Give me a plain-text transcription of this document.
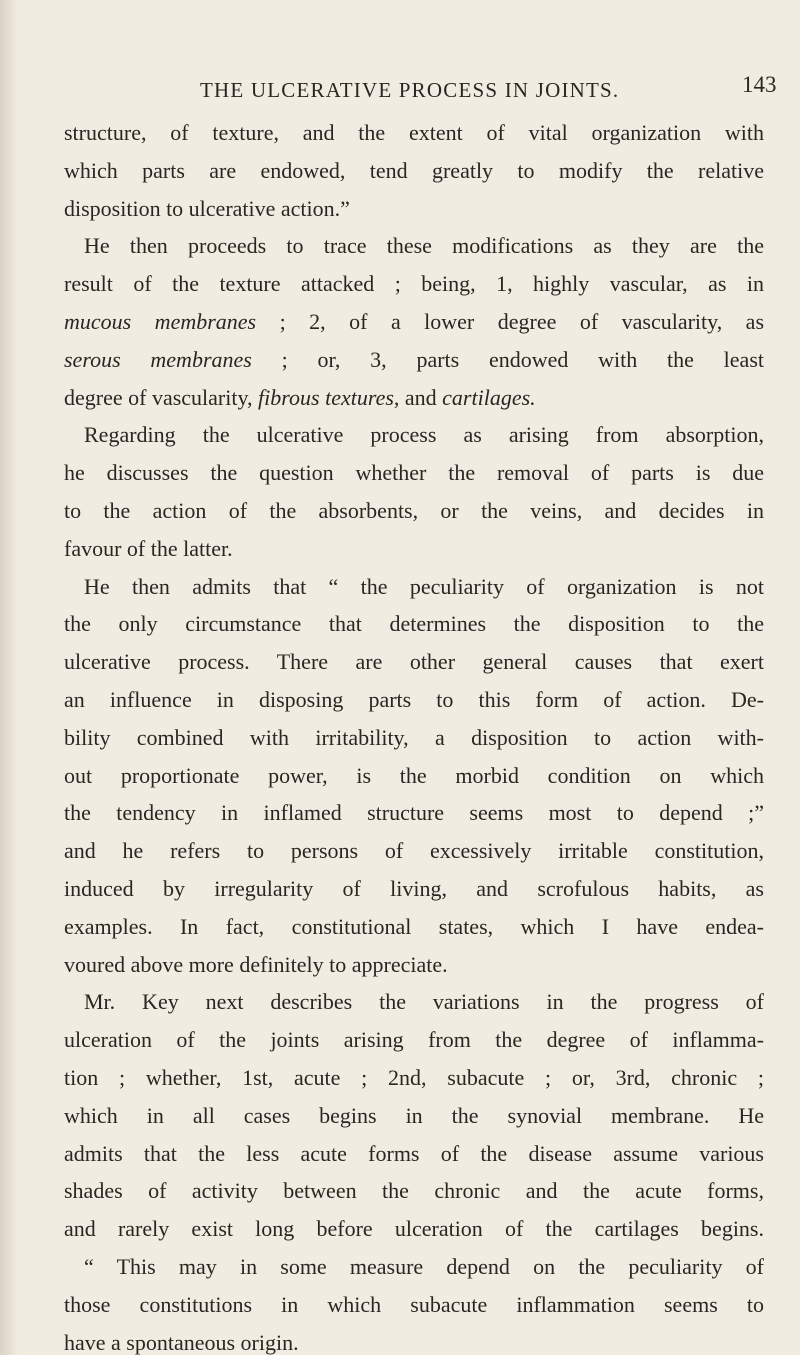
THE ULCERATIVE PROCESS IN JOINTS.	143
structure, of texture, and the extent of vital organization with
which parts are endowed, tend greatly to modify the relative
disposition to ulcerative action.”
He then proceeds to trace these modifications as they are the
result of the texture attacked ; being, 1, highly vascular, as in
mucous membranes ; 2, of a lower degree of vascularity, as
serous membranes ; or, 3, parts endowed with the least
degree of vascularity, fibrous textures, and cartilages.
Regarding the ulcerative process as arising from absorption,
he discusses the question whether the removal of parts is due
to the action of the absorbents, or the veins, and decides in
favour of the latter.
He then admits that “ the peculiarity of organization is not
the only circumstance that determines the disposition to the
ulcerative process. There are other general causes that exert
an influence in disposing parts to this form of action. De-
bility combined with irritability, a disposition to action with-
out proportionate power, is the morbid condition on which
the tendency in inflamed structure seems most to depend ;”
and he refers to persons of excessively irritable constitution,
induced by irregularity of living, and scrofulous habits, as
examples. In fact, constitutional states, which I have endea-
voured above more definitely to appreciate.
Mr. Key next describes the variations in the progress of
ulceration of the joints arising from the degree of inflamma-
tion ; whether, 1st, acute ; 2nd, subacute ; or, 3rd, chronic ;
which in all cases begins in the synovial membrane. He
admits that the less acute forms of the disease assume various
shades of activity between the chronic and the acute forms,
and rarely exist long before ulceration of the cartilages begins.
“ This may in some measure depend on the peculiarity of
those constitutions in which subacute inflammation seems to
have a spontaneous origin.
